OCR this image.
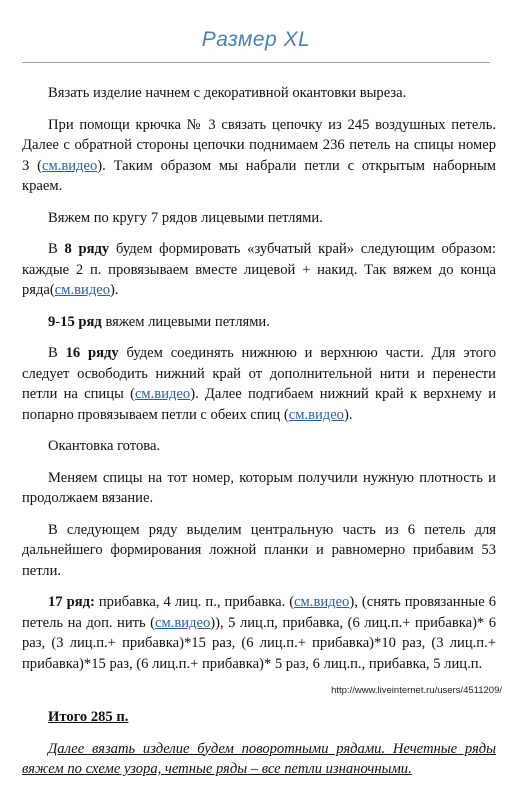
Размер XL

Вязать изделие начнем с декоративной окантовки выреза.

При помощи крючка № 3 связать цепочку из 245 воздушных петель. Далее с обратной стороны цепочки поднимаем 236 петель на спицы номер 3 (см.видео). Таким образом мы набрали петли с открытым наборным краем.

Вяжем по кругу 7 рядов лицевыми петлями.

В 8 ряду будем формировать «зубчатый край» следующим образом: каждые 2 п. провязываем вместе лицевой + накид. Так вяжем до конца ряда(см.видео).

9-15 ряд вяжем лицевыми петлями.

В 16 ряду будем соединять нижнюю и верхнюю части. Для этого следует освободить нижний край от дополнительной нити и перенести петли на спицы (см.видео). Далее подгибаем нижний край к верхнему и попарно провязываем петли с обеих спиц (см.видео).

Окантовка готова.

Меняем спицы на тот номер, которым получили нужную плотность и продолжаем вязание.

В следующем ряду выделим центральную часть из 6 петель для дальнейшего формирования ложной планки и равномерно прибавим 53 петли.

17 ряд: прибавка, 4 лиц. п., прибавка. (см.видео), (снять провязанные 6 петель на доп. нить (см.видео)), 5 лиц.п, прибавка, (6 лиц.п.+ прибавка)* 6 раз, (3 лиц.п.+ прибавка)*15 раз, (6 лиц.п.+ прибавка)*10 раз, (3 лиц.п.+ прибавка)*15 раз, (6 лиц.п.+ прибавка)* 5 раз, 6 лиц.п., прибавка, 5 лиц.п.

Итого 285 п.

Далее вязать изделие будем поворотными рядами. Нечетные ряды вяжем по схеме узора, четные ряды – все петли изнаночными.

http://www.liveinternet.ru/users/4511209/
